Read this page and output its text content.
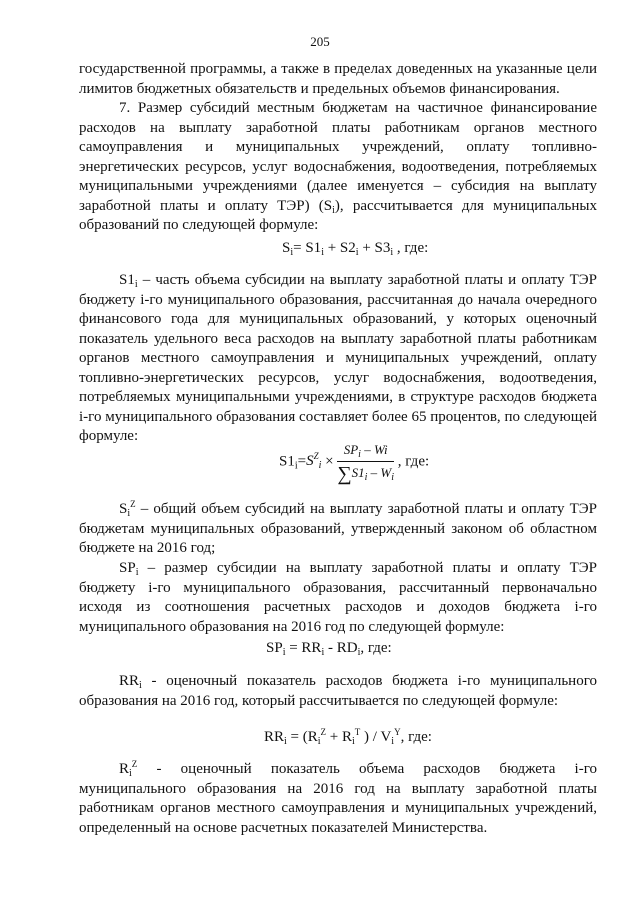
205
государственной программы, а также в пределах доведенных на указанные цели
лимитов бюджетных обязательств и предельных объемов финансирования.
7. Размер субсидий местным бюджетам на частичное финансирование расходов на выплату заработной платы работникам органов местного самоуправления и муниципальных учреждений, оплату топливно-энергетических ресурсов, услуг водоснабжения, водоотведения, потребляемых муниципальными учреждениями (далее именуется – субсидия на выплату заработной платы и оплату ТЭР) $(S_i)$, рассчитывается для муниципальных образований по следующей формуле:
$S_i= S1_i + S2_i + S3_i$ , где:
$S1_i$ – часть объема субсидии на выплату заработной платы и оплату ТЭР бюджету i-го муниципального образования, рассчитанная до начала очередного финансового года для муниципальных образований, у которых оценочный показатель удельного веса расходов на выплату заработной платы работникам органов местного самоуправления и муниципальных учреждений, оплату топливно-энергетических ресурсов, услуг водоснабжения, водоотведения, потребляемых муниципальными учреждениями, в структуре расходов бюджета i-го муниципального образования составляет более 65 процентов, по следующей формуле:
$S1_i=S^Z_i \times \frac{SP_i - Wi}{\sum S1_i - W_i}$ , где:
$S_i^Z$ – общий объем субсидий на выплату заработной платы и оплату ТЭР бюджетам муниципальных образований, утвержденный законом об областном бюджете на 2016 год;
$SP_i$ – размер субсидии на выплату заработной платы и оплату ТЭР бюджету i-го муниципального образования, рассчитанный первоначально исходя из соотношения расчетных расходов и доходов бюджета i-го муниципального образования на 2016 год по следующей формуле:
$SP_i = RR_i - RD_i$, где:
$RR_i$ - оценочный показатель расходов бюджета i-го муниципального образования на 2016 год, который рассчитывается по следующей формуле:
$RR_i = (R_i^Z + R_i^T$ ) / $V_i^Y$, где:
$R_i^Z$ - оценочный показатель объема расходов бюджета i-го муниципального образования на 2016 год на выплату заработной платы работникам органов местного самоуправления и муниципальных учреждений, определенный на основе расчетных показателей Министерства.
